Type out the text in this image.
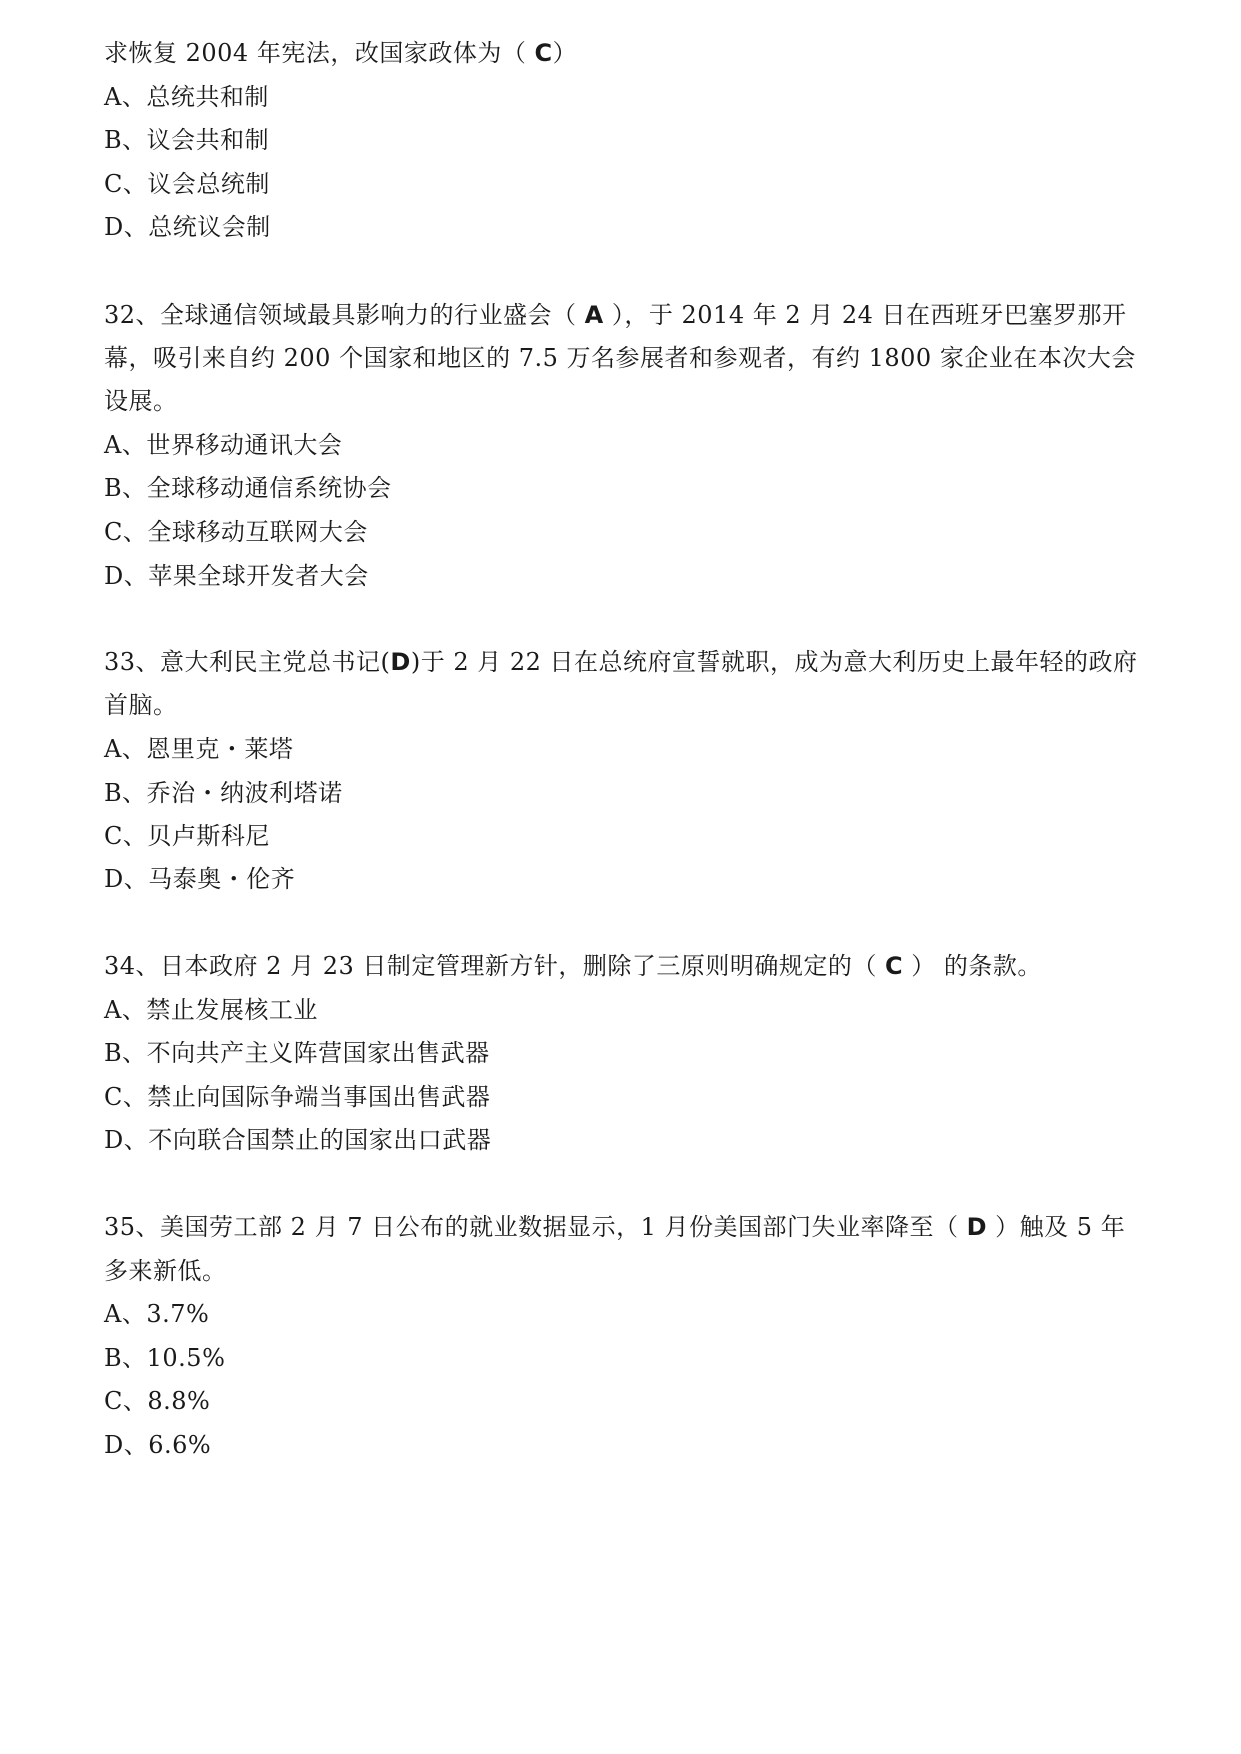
求恢复 2004 年宪法，改国家政体为（ C）
A、总统共和制
B、议会共和制
C、议会总统制
D、总统议会制
32、全球通信领域最具影响力的行业盛会（ A ），于 2014 年 2 月 24 日在西班牙巴塞罗那开
幕，吸引来自约 200 个国家和地区的 7.5 万名参展者和参观者，有约 1800 家企业在本次大会
设展。
A、世界移动通讯大会
B、全球移动通信系统协会
C、全球移动互联网大会
D、苹果全球开发者大会
33、意大利民主党总书记(D)于 2 月 22 日在总统府宣誓就职，成为意大利历史上最年轻的政府
首脑。
A、恩里克・莱塔
B、乔治・纳波利塔诺
C、贝卢斯科尼
D、马泰奥・伦齐
34、日本政府 2 月 23 日制定管理新方针，删除了三原则明确规定的（ C ） 的条款。
A、禁止发展核工业
B、不向共产主义阵营国家出售武器
C、禁止向国际争端当事国出售武器
D、不向联合国禁止的国家出口武器
35、美国劳工部 2 月 7 日公布的就业数据显示，1 月份美国部门失业率降至（ D ）触及 5 年
多来新低。
A、3.7%
B、10.5%
C、8.8%
D、6.6%
